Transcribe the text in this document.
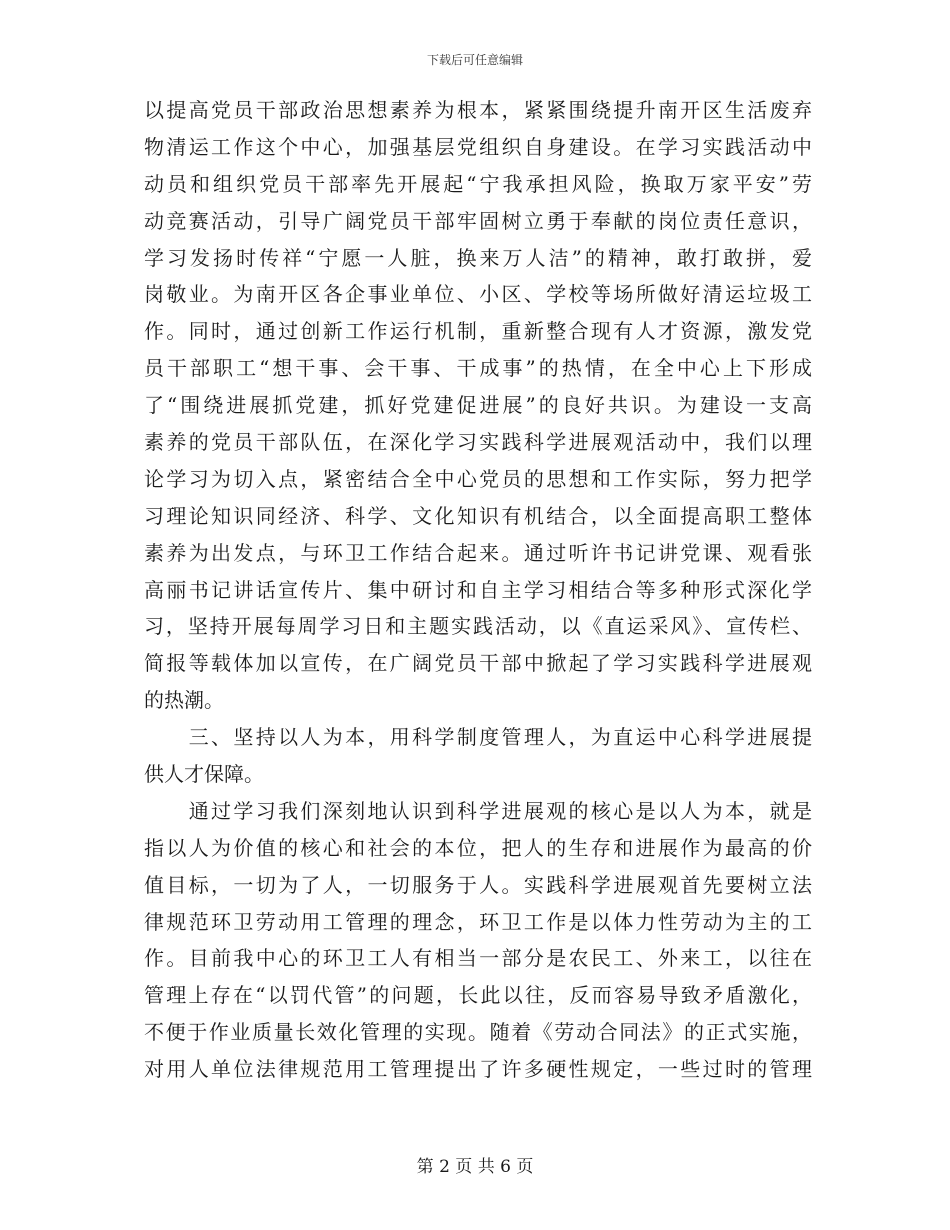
下载后可任意编辑
以提高党员干部政治思想素养为根本，紧紧围绕提升南开区生活废弃
物清运工作这个中心，加强基层党组织自身建设。在学习实践活动中
动员和组织党员干部率先开展起“宁我承担风险，换取万家平安”劳
动竞赛活动，引导广阔党员干部牢固树立勇于奉献的岗位责任意识，
学习发扬时传祥“宁愿一人脏，换来万人洁”的精神，敢打敢拼，爱
岗敬业。为南开区各企事业单位、小区、学校等场所做好清运垃圾工
作。同时，通过创新工作运行机制，重新整合现有人才资源，激发党
员干部职工“想干事、会干事、干成事”的热情，在全中心上下形成
了“围绕进展抓党建，抓好党建促进展”的良好共识。为建设一支高
素养的党员干部队伍，在深化学习实践科学进展观活动中，我们以理
论学习为切入点，紧密结合全中心党员的思想和工作实际，努力把学
习理论知识同经济、科学、文化知识有机结合，以全面提高职工整体
素养为出发点，与环卫工作结合起来。通过听许书记讲党课、观看张
高丽书记讲话宣传片、集中研讨和自主学习相结合等多种形式深化学
习，坚持开展每周学习日和主题实践活动，以《直运采风》、宣传栏、
简报等载体加以宣传，在广阔党员干部中掀起了学习实践科学进展观
的热潮。
　　三、坚持以人为本，用科学制度管理人，为直运中心科学进展提
供人才保障。
　　通过学习我们深刻地认识到科学进展观的核心是以人为本，就是
指以人为价值的核心和社会的本位，把人的生存和进展作为最高的价
值目标，一切为了人，一切服务于人。实践科学进展观首先要树立法
律规范环卫劳动用工管理的理念，环卫工作是以体力性劳动为主的工
作。目前我中心的环卫工人有相当一部分是农民工、外来工，以往在
管理上存在“以罚代管”的问题，长此以往，反而容易导致矛盾激化，
不便于作业质量长效化管理的实现。随着《劳动合同法》的正式实施，
对用人单位法律规范用工管理提出了许多硬性规定，一些过时的管理
第 2 页 共 6 页
